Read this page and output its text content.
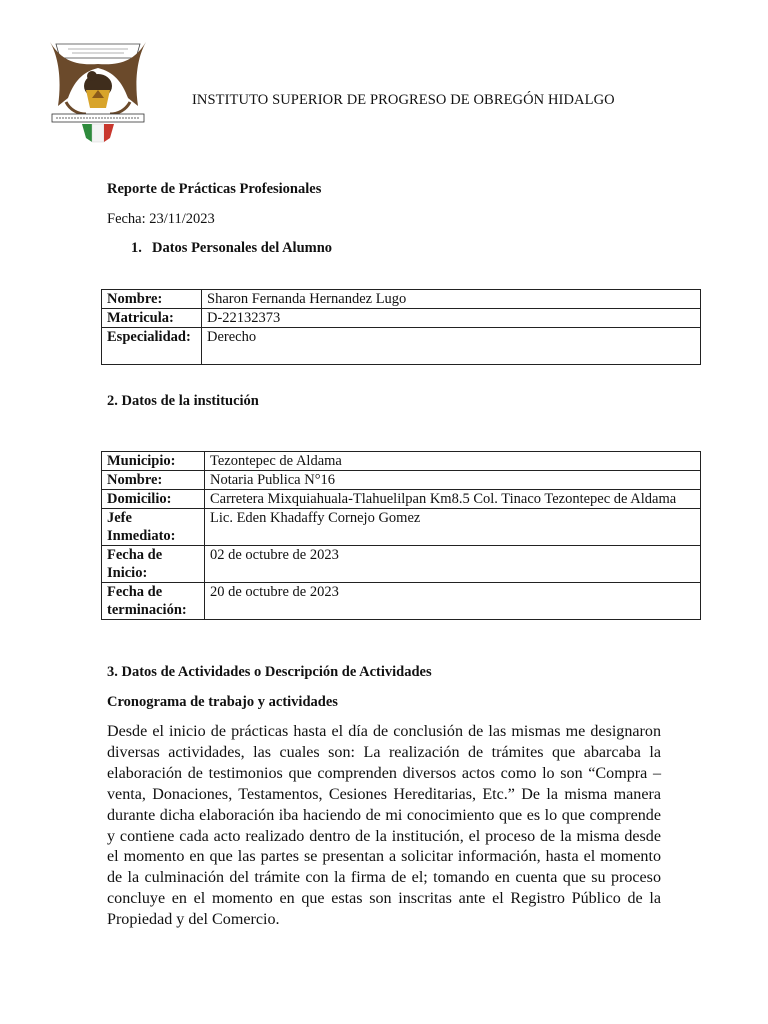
INSTITUTO SUPERIOR DE PROGRESO DE OBREGÓN HIDALGO
Reporte de Prácticas Profesionales
Fecha: 23/11/2023
1. Datos Personales del Alumno
Nombre:	Sharon Fernanda Hernandez Lugo
Matricula:	D-22132373
Especialidad:	Derecho
2. Datos de la institución
Municipio:	Tezontepec de Aldama
Nombre:	Notaria Publica N°16
Domicilio:	Carretera Mixquiahuala-Tlahuelilpan Km8.5 Col. Tinaco Tezontepec de Aldama
Jefe Inmediato:	Lic. Eden Khadaffy Cornejo Gomez
Fecha de Inicio:	02 de octubre de 2023
Fecha de terminación:	20 de octubre de 2023
3. Datos de Actividades o Descripción de Actividades
Cronograma de trabajo y actividades
Desde el inicio de prácticas hasta el día de conclusión de las mismas me designaron diversas actividades, las cuales son: La realización de trámites que abarcaba la elaboración de testimonios que comprenden diversos actos como lo son “Compra – venta, Donaciones, Testamentos, Cesiones Hereditarias, Etc.” De la misma manera durante dicha elaboración iba haciendo de mi conocimiento que es lo que comprende y contiene cada acto realizado dentro de la institución, el proceso de la misma desde el momento en que las partes se presentan a solicitar información, hasta el momento de la culminación del trámite con la firma de el; tomando en cuenta que su proceso concluye en el momento en que estas son inscritas ante el Registro Público de la Propiedad y del Comercio.
